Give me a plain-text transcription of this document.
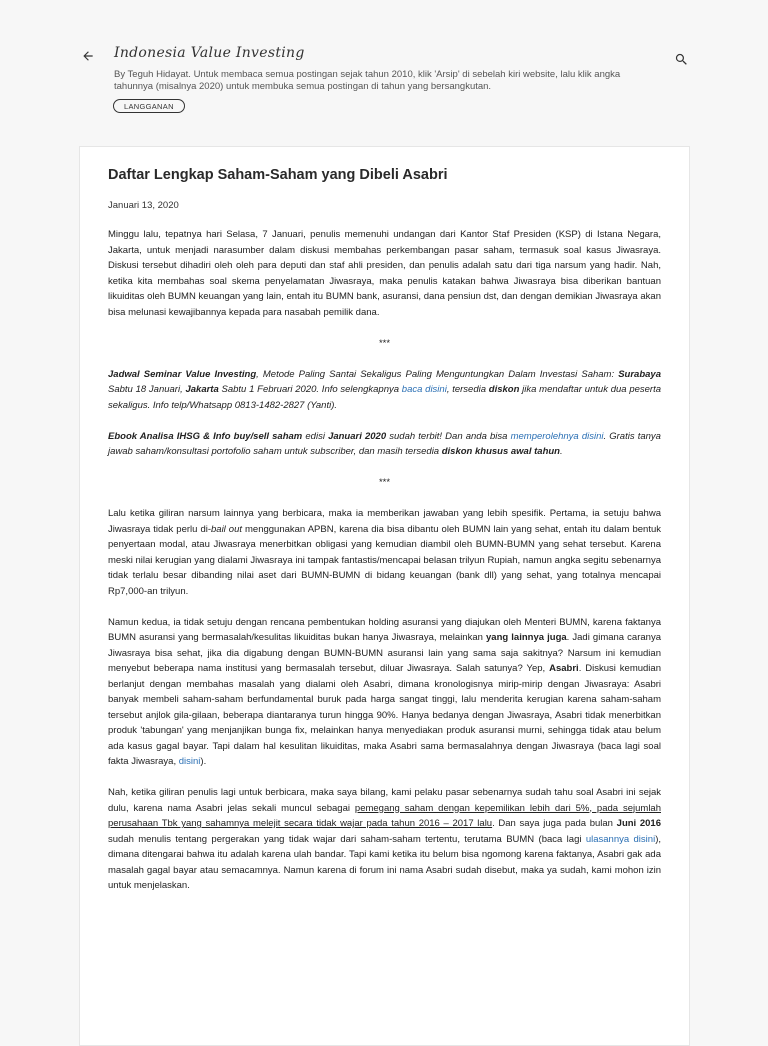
Indonesia Value Investing

By Teguh Hidayat. Untuk membaca semua postingan sejak tahun 2010, klik 'Arsip' di sebelah kiri website, lalu klik angka tahunnya (misalnya 2020) untuk membuka semua postingan di tahun yang bersangkutan.

LANGGANAN
Daftar Lengkap Saham-Saham yang Dibeli Asabri

Januari 13, 2020

Minggu lalu, tepatnya hari Selasa, 7 Januari, penulis memenuhi undangan dari Kantor Staf Presiden (KSP) di Istana Negara, Jakarta, untuk menjadi narasumber dalam diskusi membahas perkembangan pasar saham, termasuk soal kasus Jiwasraya. Diskusi tersebut dihadiri oleh oleh para deputi dan staf ahli presiden, dan penulis adalah satu dari tiga narsum yang hadir. Nah, ketika kita membahas soal skema penyelamatan Jiwasraya, maka penulis katakan bahwa Jiwasraya bisa diberikan bantuan likuiditas oleh BUMN keuangan yang lain, entah itu BUMN bank, asuransi, dana pensiun dst, dan dengan demikian Jiwasraya akan bisa melunasi kewajibannya kepada para nasabah pemilik dana.

***

Jadwal Seminar Value Investing, Metode Paling Santai Sekaligus Paling Menguntungkan Dalam Investasi Saham: Surabaya Sabtu 18 Januari, Jakarta Sabtu 1 Februari 2020. Info selengkapnya baca disini, tersedia diskon jika mendaftar untuk dua peserta sekaligus. Info telp/Whatsapp 0813-1482-2827 (Yanti).

Ebook Analisa IHSG & Info buy/sell saham edisi Januari 2020 sudah terbit! Dan anda bisa memperolehnya disini. Gratis tanya jawab saham/konsultasi portofolio saham untuk subscriber, dan masih tersedia diskon khusus awal tahun.

***

Lalu ketika giliran narsum lainnya yang berbicara, maka ia memberikan jawaban yang lebih spesifik. Pertama, ia setuju bahwa Jiwasraya tidak perlu di-bail out menggunakan APBN, karena dia bisa dibantu oleh BUMN lain yang sehat, entah itu dalam bentuk penyertaan modal, atau Jiwasraya menerbitkan obligasi yang kemudian diambil oleh BUMN-BUMN yang sehat tersebut. Karena meski nilai kerugian yang dialami Jiwasraya ini tampak fantastis/mencapai belasan trilyun Rupiah, namun angka segitu sebenarnya tidak terlalu besar dibanding nilai aset dari BUMN-BUMN di bidang keuangan (bank dll) yang sehat, yang totalnya mencapai Rp7,000-an trilyun.

Namun kedua, ia tidak setuju dengan rencana pembentukan holding asuransi yang diajukan oleh Menteri BUMN, karena faktanya BUMN asuransi yang bermasalah/kesulitas likuiditas bukan hanya Jiwasraya, melainkan yang lainnya juga. Jadi gimana caranya Jiwasraya bisa sehat, jika dia digabung dengan BUMN-BUMN asuransi lain yang sama saja sakitnya? Narsum ini kemudian menyebut beberapa nama institusi yang bermasalah tersebut, diluar Jiwasraya. Salah satunya? Yep, Asabri. Diskusi kemudian berlanjut dengan membahas masalah yang dialami oleh Asabri, dimana kronologisnya mirip-mirip dengan Jiwasraya: Asabri banyak membeli saham-saham berfundamental buruk pada harga sangat tinggi, lalu menderita kerugian karena saham-saham tersebut anjlok gila-gilaan, beberapa diantaranya turun hingga 90%. Hanya bedanya dengan Jiwasraya, Asabri tidak menerbitkan produk 'tabungan' yang menjanjikan bunga fix, melainkan hanya menyediakan produk asuransi murni, sehingga tidak atau belum ada kasus gagal bayar. Tapi dalam hal kesulitan likuiditas, maka Asabri sama bermasalahnya dengan Jiwasraya (baca lagi soal fakta Jiwasraya, disini).

Nah, ketika giliran penulis lagi untuk berbicara, maka saya bilang, kami pelaku pasar sebenarnya sudah tahu soal Asabri ini sejak dulu, karena nama Asabri jelas sekali muncul sebagai pemegang saham dengan kepemilikan lebih dari 5%, pada sejumlah perusahaan Tbk yang sahamnya melejit secara tidak wajar pada tahun 2016 – 2017 lalu. Dan saya juga pada bulan Juni 2016 sudah menulis tentang pergerakan yang tidak wajar dari saham-saham tertentu, terutama BUMN (baca lagi ulasannya disini), dimana ditengarai bahwa itu adalah karena ulah bandar. Tapi kami ketika itu belum bisa ngomong karena faktanya, Asabri gak ada masalah gagal bayar atau semacamnya. Namun karena di forum ini nama Asabri sudah disebut, maka ya sudah, kami mohon izin untuk menjelaskan.
